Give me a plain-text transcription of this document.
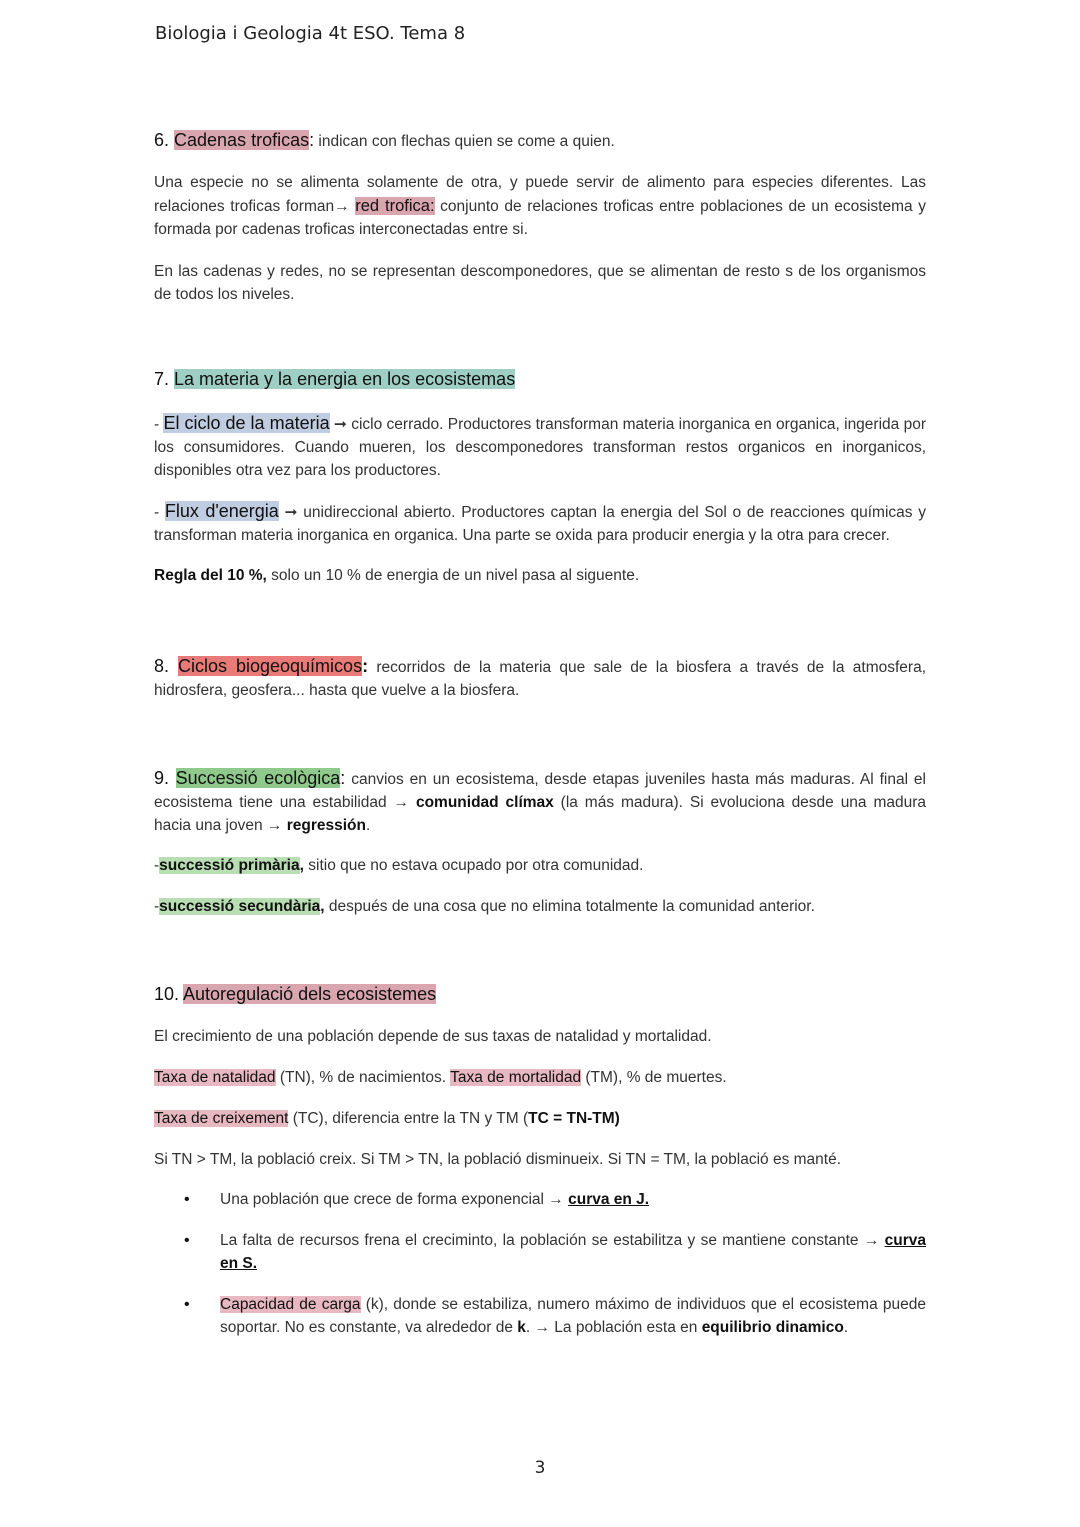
Biologia i Geologia 4t ESO. Tema 8
6. Cadenas troficas: indican con flechas quien se come a quien.
Una especie no se alimenta solamente de otra, y puede servir de alimento para especies diferentes. Las relaciones troficas forman→ red trofica: conjunto de relaciones troficas entre poblaciones de un ecosistema y formada por cadenas troficas interconectadas entre si.
En las cadenas y redes, no se representan descomponedores, que se alimentan de resto s de los organismos de todos los niveles.
7. La materia y la energia en los ecosistemas
- El ciclo de la materia ➞ ciclo cerrado. Productores transforman materia inorganica en organica, ingerida por los consumidores. Cuando mueren, los descomponedores transforman restos organicos en inorganicos, disponibles otra vez para los productores.
- Flux d'energia ➞ unidireccional abierto. Productores captan la energia del Sol o de reacciones químicas y transforman materia inorganica en organica. Una parte se oxida para producir energia y la otra para crecer.
Regla del 10 %, solo un 10 % de energia de un nivel pasa al siguente.
8. Ciclos biogeoquímicos: recorridos de la materia que sale de la biosfera a través de la atmosfera, hidrosfera, geosfera... hasta que vuelve a la biosfera.
9. Successió ecològica: canvios en un ecosistema, desde etapas juveniles hasta más maduras. Al final el ecosistema tiene una estabilidad → comunidad clímax (la más madura). Si evoluciona desde una madura hacia una joven → regressión.
-successió primària, sitio que no estava ocupado por otra comunidad.
-successió secundària, después de una cosa que no elimina totalmente la comunidad anterior.
10. Autoregulació dels ecosistemes
El crecimiento de una población depende de sus taxas de natalidad y mortalidad.
Taxa de natalidad (TN), % de nacimientos. Taxa de mortalidad (TM), % de muertes.
Taxa de creixement (TC), diferencia entre la TN y TM (TC = TN-TM)
Si TN > TM, la població creix. Si TM > TN, la població disminueix. Si TN = TM, la població es manté.
• Una población que crece de forma exponencial → curva en J.
• La falta de recursos frena el creciminto, la población se estabilitza y se mantiene constante → curva en S.
• Capacidad de carga (k), donde se estabiliza, numero máximo de individuos que el ecosistema puede soportar. No es constante, va alrededor de k. → La población esta en equilibrio dinamico.
3
